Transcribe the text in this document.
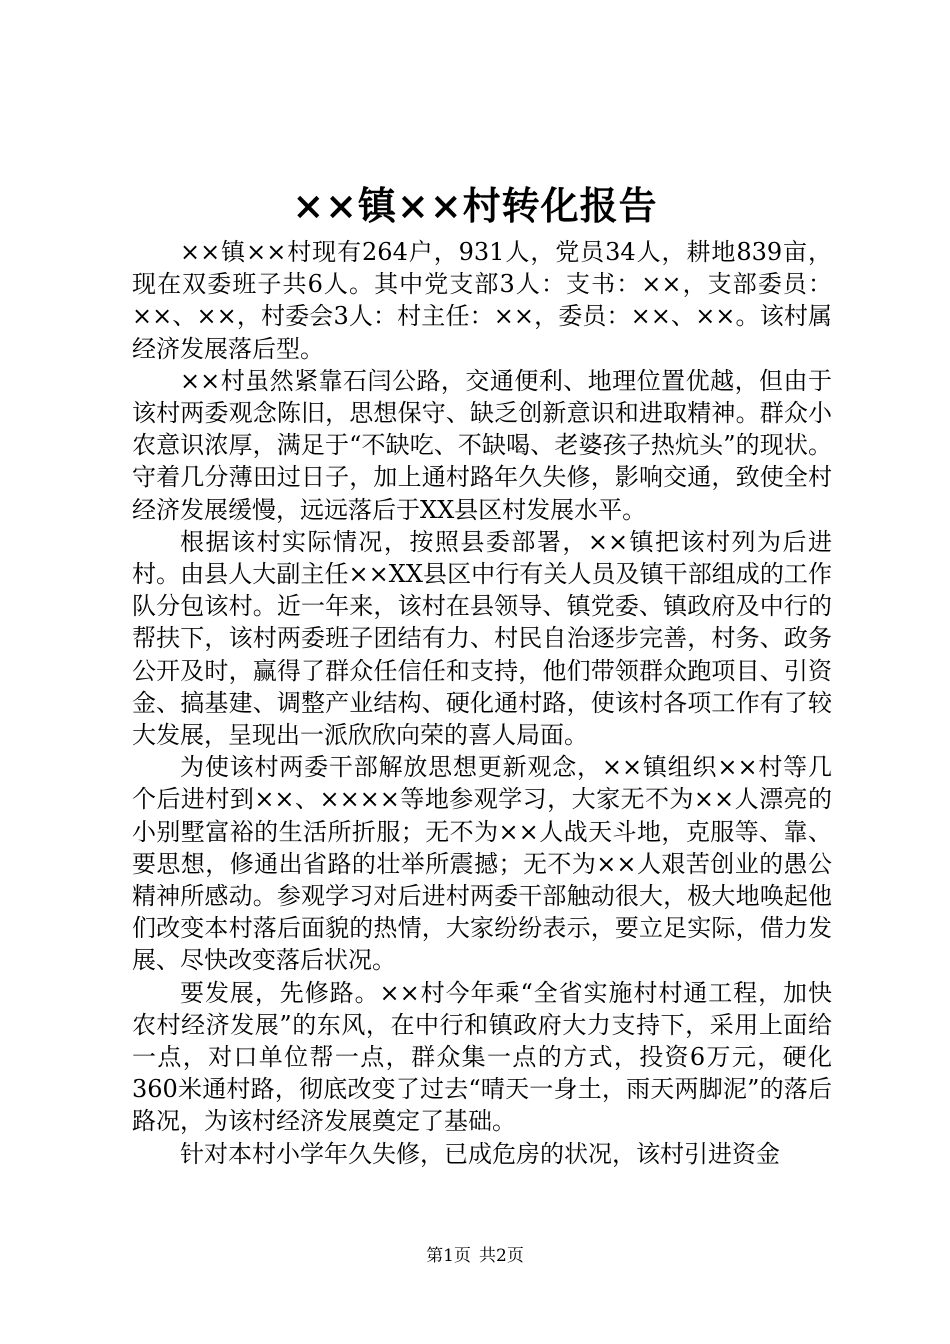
××镇××村转化报告

××镇××村现有264户，931人，党员34人，耕地839亩，现在双委班子共6人。其中党支部3人：支书：××，支部委员：××、××，村委会3人：村主任：××，委员：××、××。该村属经济发展落后型。

××村虽然紧靠石闫公路，交通便利、地理位置优越，但由于该村两委观念陈旧，思想保守、缺乏创新意识和进取精神。群众小农意识浓厚，满足于“不缺吃、不缺喝、老婆孩子热炕头”的现状。守着几分薄田过日子，加上通村路年久失修，影响交通，致使全村经济发展缓慢，远远落后于XX县区村发展水平。

根据该村实际情况，按照县委部署，××镇把该村列为后进村。由县人大副主任××XX县区中行有关人员及镇干部组成的工作队分包该村。近一年来，该村在县领导、镇党委、镇政府及中行的帮扶下，该村两委班子团结有力、村民自治逐步完善，村务、政务公开及时，赢得了群众任信任和支持，他们带领群众跑项目、引资金、搞基建、调整产业结构、硬化通村路，使该村各项工作有了较大发展，呈现出一派欣欣向荣的喜人局面。

为使该村两委干部解放思想更新观念，××镇组织××村等几个后进村到××、××××等地参观学习，大家无不为××人漂亮的小别墅富裕的生活所折服；无不为××人战天斗地，克服等、靠、要思想，修通出省路的壮举所震撼；无不为××人艰苦创业的愚公精神所感动。参观学习对后进村两委干部触动很大，极大地唤起他们改变本村落后面貌的热情，大家纷纷表示，要立足实际，借力发展、尽快改变落后状况。

要发展，先修路。××村今年乘“全省实施村村通工程，加快农村经济发展”的东风，在中行和镇政府大力支持下，采用上面给一点，对口单位帮一点，群众集一点的方式，投资6万元，硬化360米通村路，彻底改变了过去“晴天一身土，雨天两脚泥”的落后路况，为该村经济发展奠定了基础。

针对本村小学年久失修，已成危房的状况，该村引进资金

第1页 共2页
